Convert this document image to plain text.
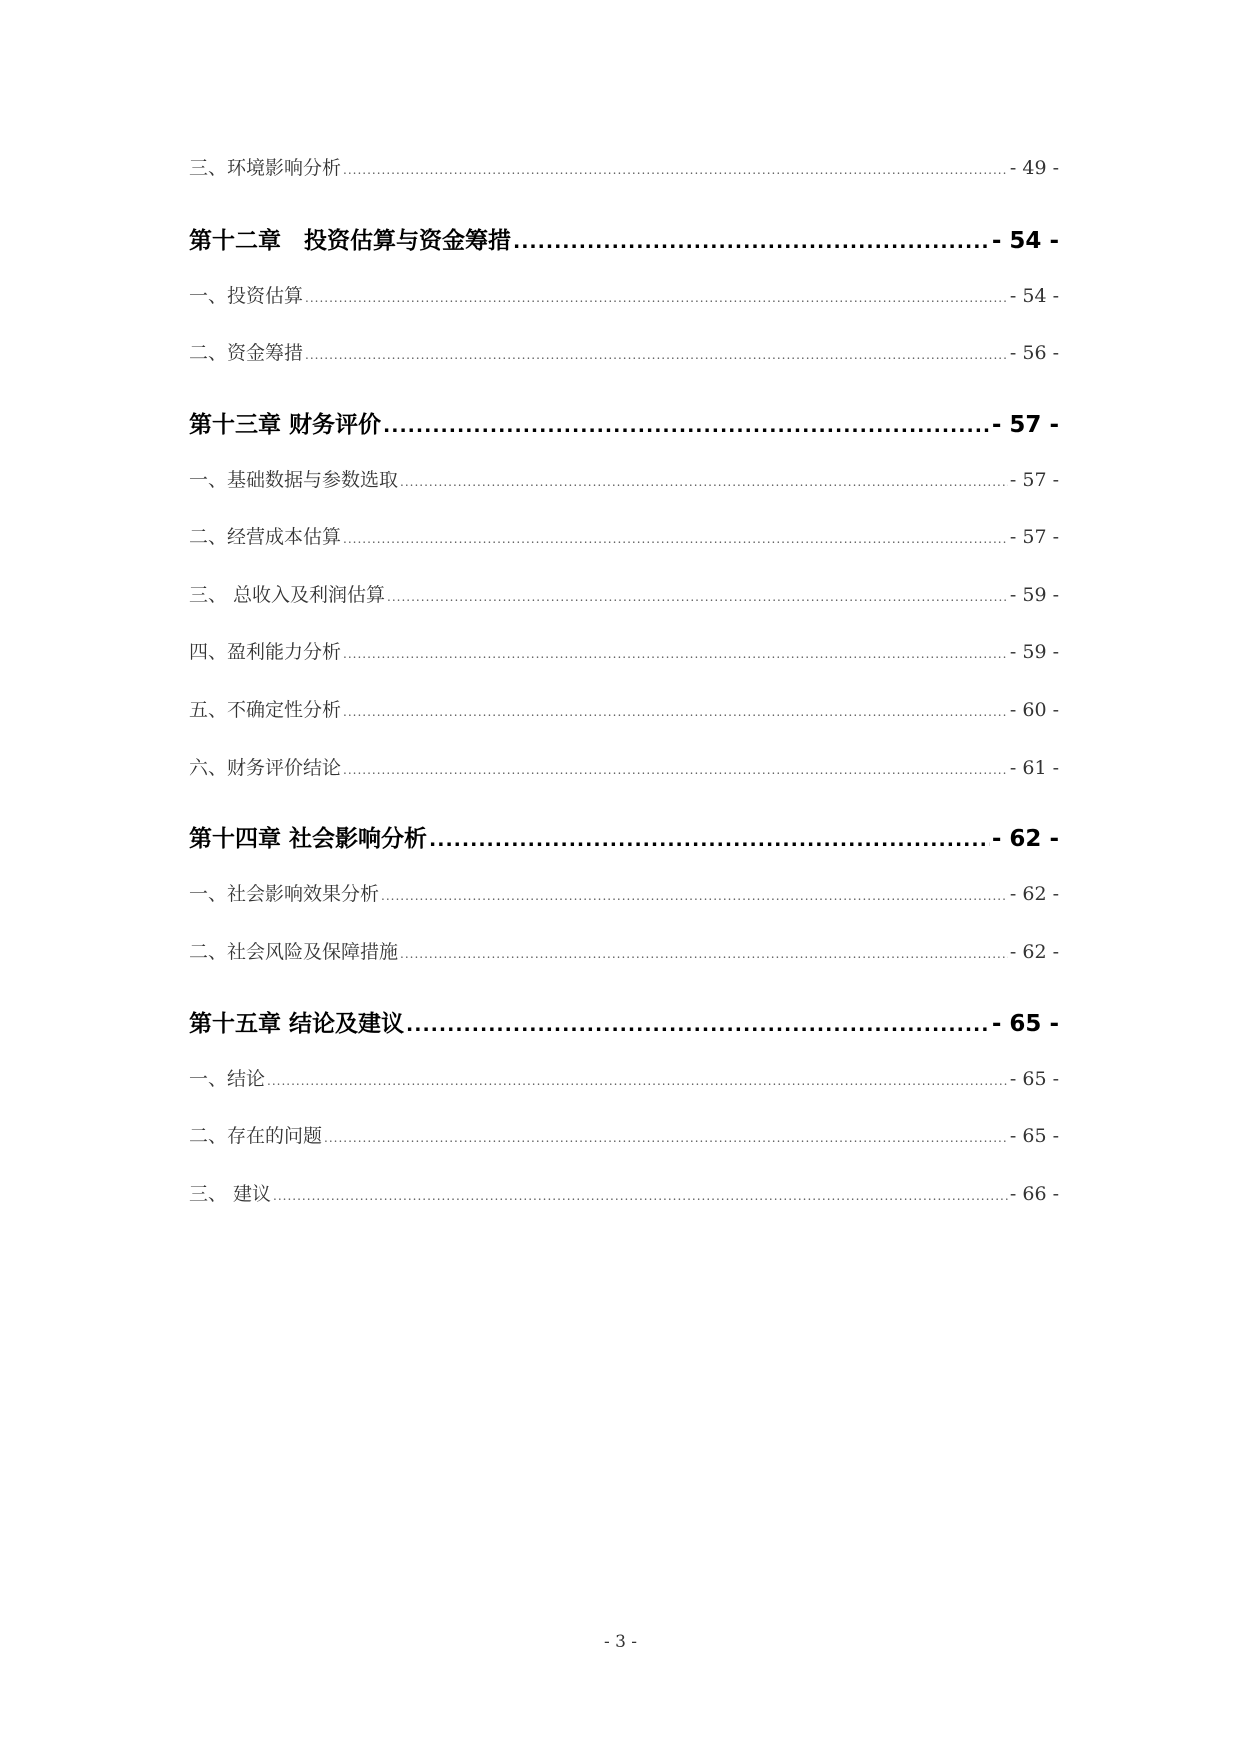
三、环境影响分析 .....	- 49 -
第十二章　投资估算与资金筹措 .....	- 54 -
一、投资估算 .....	- 54 -
二、资金筹措 .....	- 56 -
第十三章 财务评价 .....	- 57 -
一、基础数据与参数选取 .....	- 57 -
二、经营成本估算 .....	- 57 -
三、 总收入及利润估算 .....	- 59 -
四、盈利能力分析 .....	- 59 -
五、不确定性分析 .....	- 60 -
六、财务评价结论 .....	- 61 -
第十四章 社会影响分析 .....	- 62 -
一、社会影响效果分析 .....	- 62 -
二、社会风险及保障措施 .....	- 62 -
第十五章 结论及建议 .....	- 65 -
一、结论 .....	- 65 -
二、存在的问题 .....	- 65 -
三、 建议 .....	- 66 -
- 3 -
